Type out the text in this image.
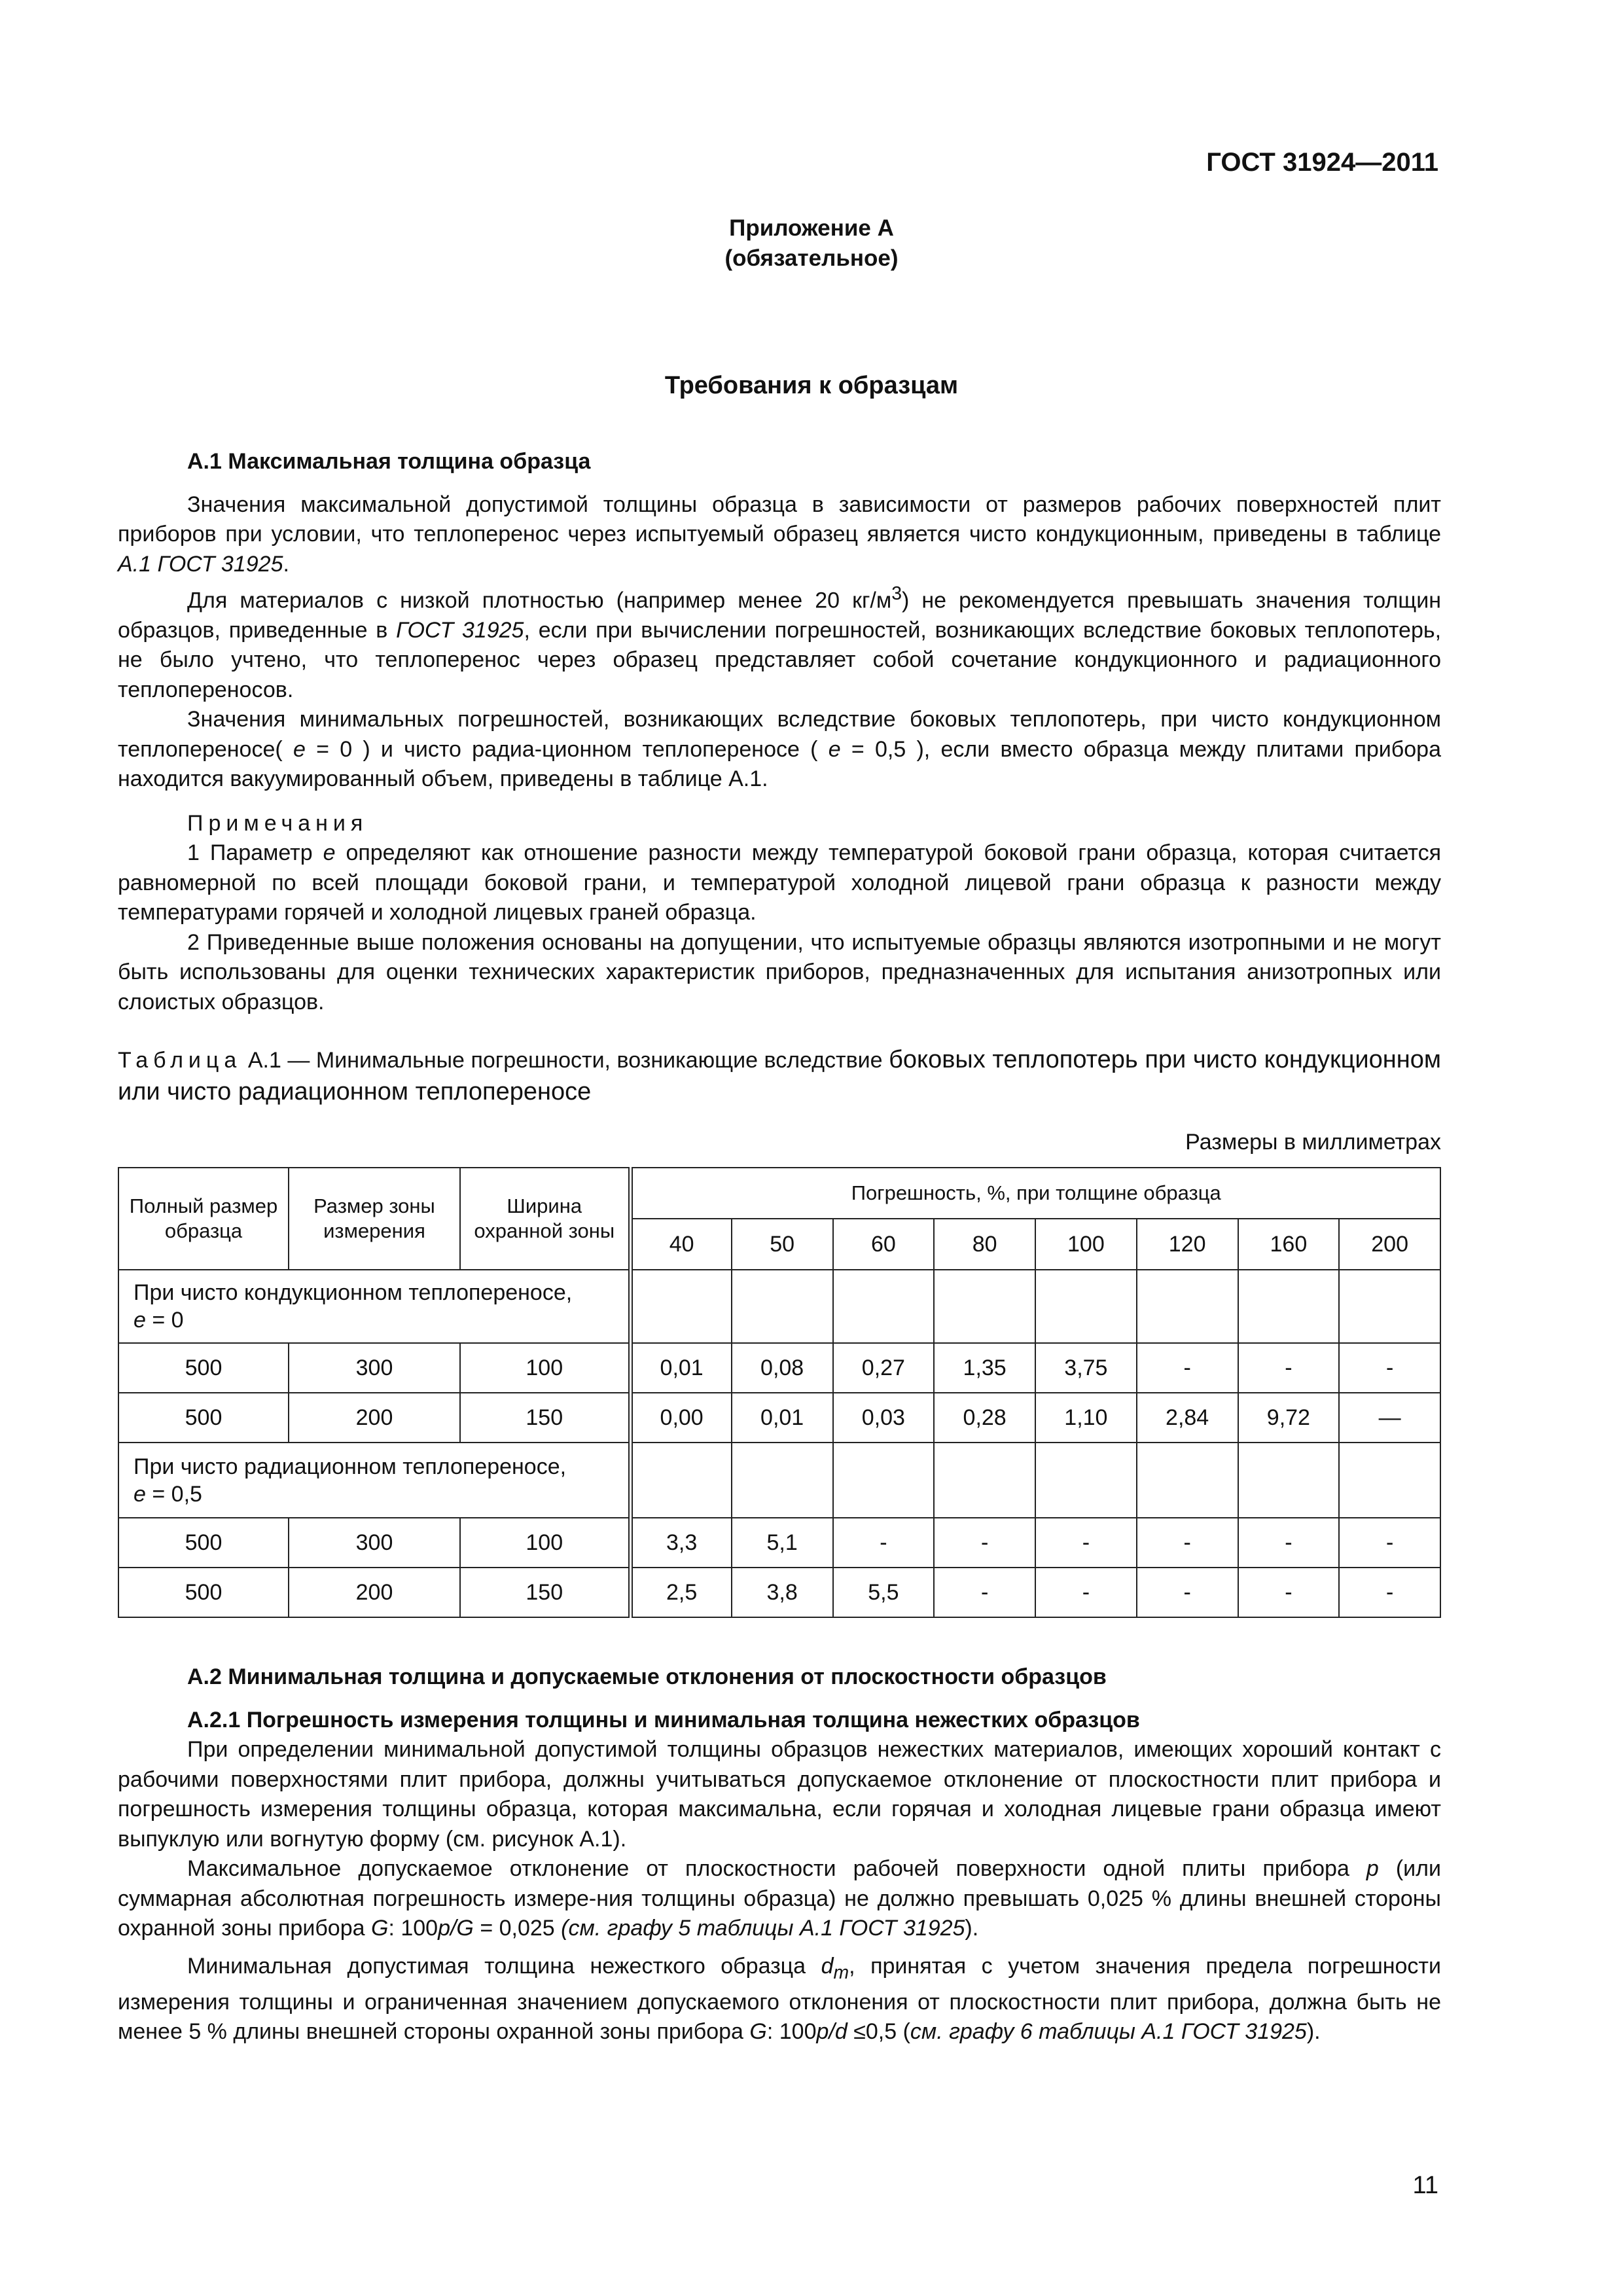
ГОСТ 31924—2011
Приложение А
(обязательное)
Требования к образцам

А.1 Максимальная толщина образца

Значения максимальной допустимой толщины образца в зависимости от размеров рабочих поверхностей плит приборов при условии, что теплоперенос через испытуемый образец является чисто кондукционным, приведены в таблице А.1 ГОСТ 31925.

Для материалов с низкой плотностью (например менее 20 $кг/м^3$) не рекомендуется превышать значения толщин образцов, приведенные в ГОСТ 31925, если при вычислении погрешностей, возникающих вследствие боковых теплопотерь, не было учтено, что теплоперенос через образец представляет собой сочетание кондукционного и радиационного теплопереносов.

Значения минимальных погрешностей, возникающих вследствие боковых теплопотерь, при чисто кондукционном теплопереносе( e = 0 ) и чисто радиа-ционном теплопереносе ( e = 0,5 ), если вместо образца между плитами прибора находится вакуумированный объем, приведены в таблице А.1.

Примечания

1 Параметр e определяют как отношение разности между температурой боковой грани образца, которая считается равномерной по всей площади боковой грани, и температурой холодной лицевой грани образца к разности между температурами горячей и холодной лицевых граней образца.

2 Приведенные выше положения основаны на допущении, что испытуемые образцы являются изотропными и не могут быть использованы для оценки технических характеристик приборов, предназначенных для испытания анизотропных или слоистых образцов.

Таблица А.1 — Минимальные погрешности, возникающие вследствие боковых теплопотерь при чисто кондукционном или чисто радиационном теплопереносе

Размеры в миллиметрах
Полный размер образца	Размер зоны измерения	Ширина охранной зоны	Погрешность, %, при толщине образца							
			40	50	60	80	100	120	160	200
При чисто кондукционном теплопереносе,
e = 0										
500	300	100	0,01	0,08	0,27	1,35	3,75	-	-	-
500	200	150	0,00	0,01	0,03	0,28	1,10	2,84	9,72	—
При чисто радиационном теплопереносе,
e = 0,5										
500	300	100	3,3	5,1	-	-	-	-	-	-
500	200	150	2,5	3,8	5,5	-	-	-	-	-

А.2 Минимальная толщина и допускаемые отклонения от плоскостности образцов

А.2.1 Погрешность измерения толщины и минимальная толщина нежестких образцов

При определении минимальной допустимой толщины образцов нежестких материалов, имеющих хороший контакт с рабочими поверхностями плит прибора, должны учитываться допускаемое отклонение от плоскостности плит прибора и погрешность измерения толщины образца, которая максимальна, если горячая и холодная лицевые грани образца имеют выпуклую или вогнутую форму (см. рисунок А.1).

Максимальное допускаемое отклонение от плоскостности рабочей поверхности одной плиты прибора p (или суммарная абсолютная погрешность измере-ния толщины образца) не должно превышать 0,025 % длины внешней стороны охранной зоны прибора G: 100p/G = 0,025 (см. графу 5 таблицы А.1 ГОСТ 31925).

Минимальная допустимая толщина нежесткого образца $d_m$, принятая с учетом значения предела погрешности измерения толщины и ограниченная значением допускаемого отклонения от плоскостности плит прибора, должна быть не менее 5 % длины внешней стороны охранной зоны прибора G: 100p/d ≤0,5 (см. графу 6 таблицы А.1 ГОСТ 31925).

11
